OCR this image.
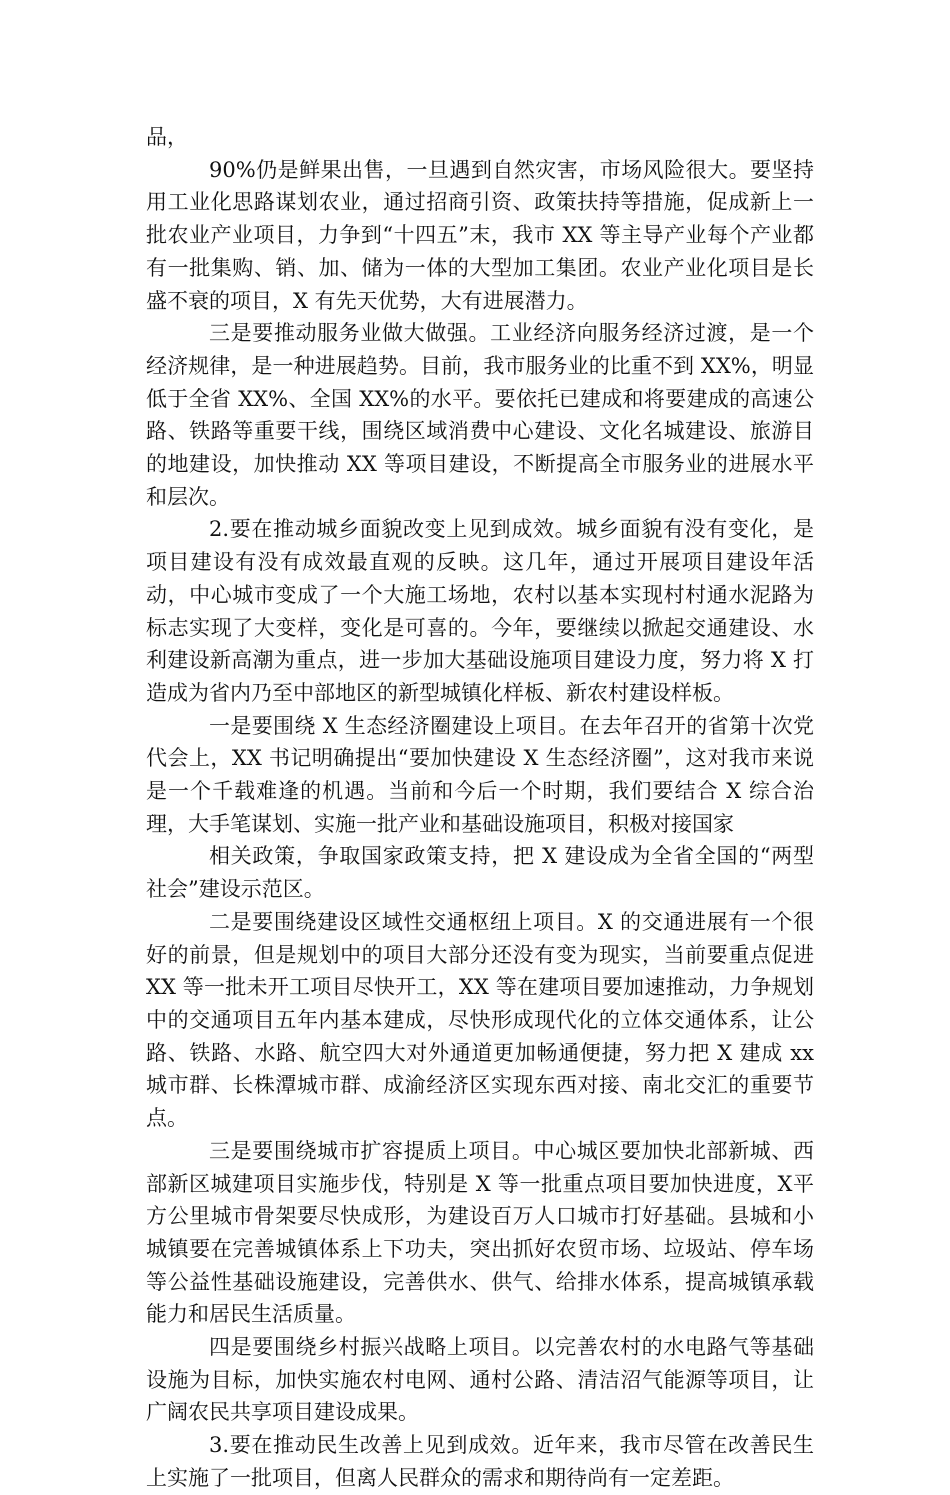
品，

90%仍是鲜果出售，一旦遇到自然灾害，市场风险很大。要坚持用工业化思路谋划农业，通过招商引资、政策扶持等措施，促成新上一批农业产业项目，力争到“十四五”末，我市 XX 等主导产业每个产业都有一批集购、销、加、储为一体的大型加工集团。农业产业化项目是长盛不衰的项目，X 有先天优势，大有进展潜力。

三是要推动服务业做大做强。工业经济向服务经济过渡，是一个经济规律，是一种进展趋势。目前，我市服务业的比重不到 XX%，明显低于全省 XX%、全国 XX%的水平。要依托已建成和将要建成的高速公路、铁路等重要干线，围绕区域消费中心建设、文化名城建设、旅游目的地建设，加快推动 XX 等项目建设，不断提高全市服务业的进展水平和层次。

2.要在推动城乡面貌改变上见到成效。城乡面貌有没有变化，是项目建设有没有成效最直观的反映。这几年，通过开展项目建设年活动，中心城市变成了一个大施工场地，农村以基本实现村村通水泥路为标志实现了大变样，变化是可喜的。今年，要继续以掀起交通建设、水利建设新高潮为重点，进一步加大基础设施项目建设力度，努力将 X 打造成为省内乃至中部地区的新型城镇化样板、新农村建设样板。

一是要围绕 X 生态经济圈建设上项目。在去年召开的省第十次党代会上，XX 书记明确提出“要加快建设 X 生态经济圈”，这对我市来说是一个千载难逢的机遇。当前和今后一个时期，我们要结合 X 综合治理，大手笔谋划、实施一批产业和基础设施项目，积极对接国家

相关政策，争取国家政策支持，把 X 建设成为全省全国的“两型社会”建设示范区。

二是要围绕建设区域性交通枢纽上项目。X 的交通进展有一个很好的前景，但是规划中的项目大部分还没有变为现实，当前要重点促进 XX 等一批未开工项目尽快开工，XX 等在建项目要加速推动，力争规划中的交通项目五年内基本建成，尽快形成现代化的立体交通体系，让公路、铁路、水路、航空四大对外通道更加畅通便捷，努力把 X 建成 xx 城市群、长株潭城市群、成渝经济区实现东西对接、南北交汇的重要节点。

三是要围绕城市扩容提质上项目。中心城区要加快北部新城、西部新区城建项目实施步伐，特别是 X 等一批重点项目要加快进度，X平方公里城市骨架要尽快成形，为建设百万人口城市打好基础。县城和小城镇要在完善城镇体系上下功夫，突出抓好农贸市场、垃圾站、停车场等公益性基础设施建设，完善供水、供气、给排水体系，提高城镇承载能力和居民生活质量。

四是要围绕乡村振兴战略上项目。以完善农村的水电路气等基础设施为目标，加快实施农村电网、通村公路、清洁沼气能源等项目，让广阔农民共享项目建设成果。

3.要在推动民生改善上见到成效。近年来，我市尽管在改善民生上实施了一批项目，但离人民群众的需求和期待尚有一定差距。
